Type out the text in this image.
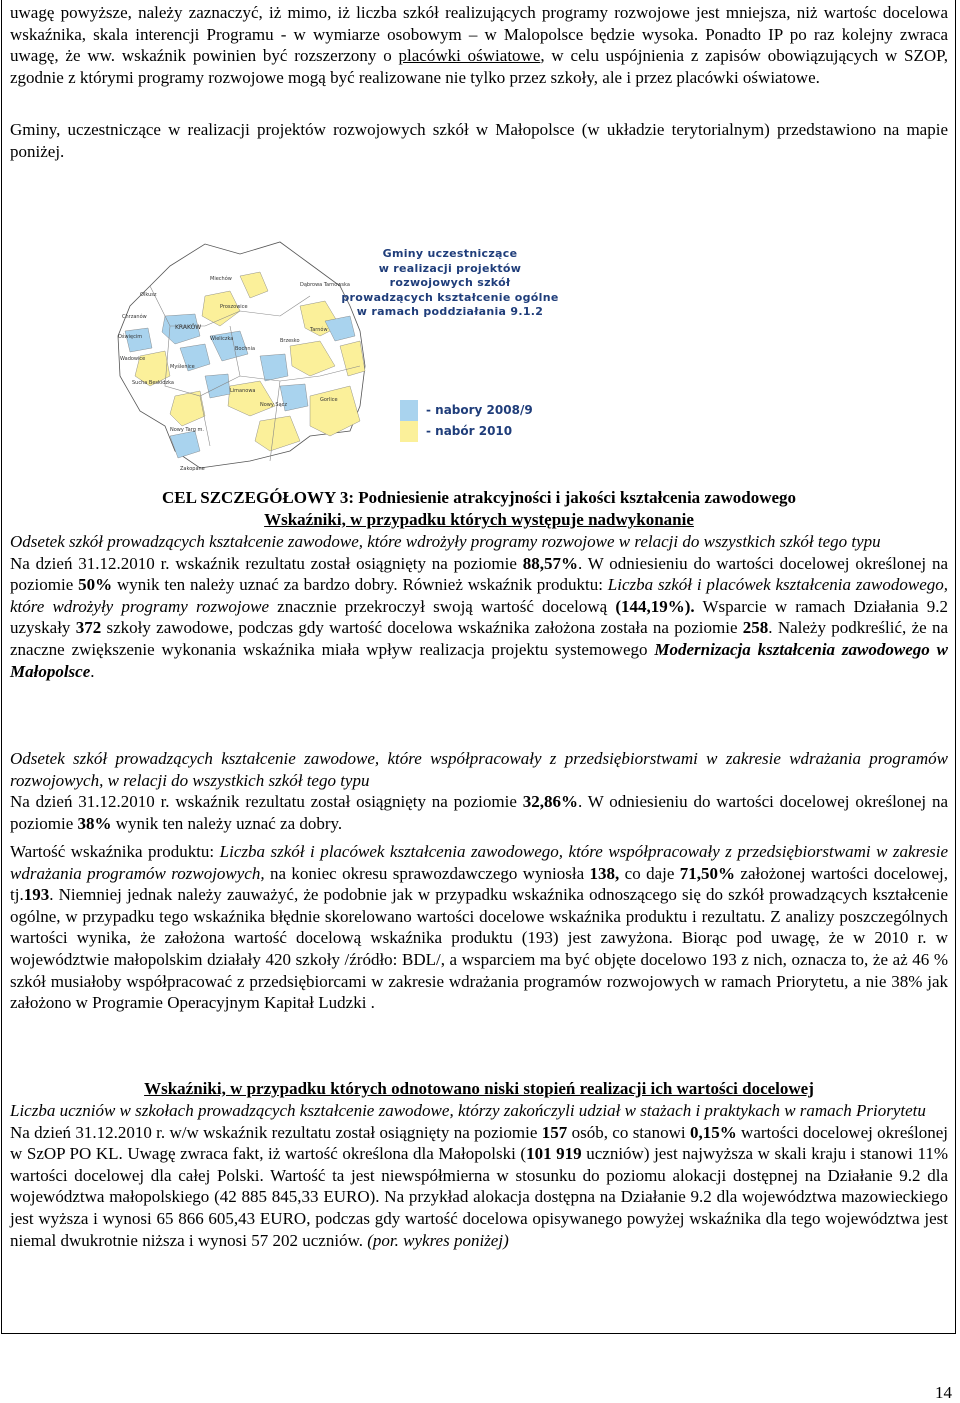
uwagę powyższe, należy zaznaczyć, iż mimo, iż liczba szkół realizujących programy rozwojowe jest mniejsza, niż wartośc docelowa wskaźnika, skala interencji Programu - w wymiarze osobowym – w Malopolsce będzie wysoka. Ponadto IP po raz kolejny zwraca uwagę, że ww. wskaźnik powinien być rozszerzony o placówki oświatowe, w celu uspójnienia z zapisów obowiązujących w SZOP, zgodnie z którymi programy rozwojowe mogą być realizowane nie tylko przez szkoły, ale i przez placówki oświatowe.

Gminy, uczestniczące w realizacji projektów rozwojowych szkół w Małopolsce (w układzie terytorialnym) przedstawiono na mapie poniżej.

Miechów
Olkusz
Chrzanów
KRAKÓW
Wadowice
Myślenice
Sucha Beskidzka
Limanowa
Nowy Sącz
Nowy Targ m.
Zakopane
Bochnia
Brzesko
Tarnów
Dąbrowa Tarnowska
Proszowice
Wieliczka
Gorlice
Oświęcim
Gminy uczestniczące
w realizacji projektów
rozwojowych szkół
prowadzących kształcenie ogólne
w ramach poddziałania 9.1.2
- nabory 2008/9
- nabór 2010

CEL SZCZEGÓŁOWY 3: Podniesienie atrakcyjności i jakości kształcenia zawodowego

Wskaźniki, w przypadku których występuje nadwykonanie

Odsetek szkół prowadzących kształcenie zawodowe, które wdrożyły programy rozwojowe w relacji do wszystkich szkół tego typu
Na dzień 31.12.2010 r. wskaźnik rezultatu został osiągnięty na poziomie 88,57%. W odniesieniu do wartości docelowej określonej na poziomie 50% wynik ten należy uznać za bardzo dobry. Również wskaźnik produktu: Liczba szkół i placówek kształcenia zawodowego, które wdrożyły programy rozwojowe znacznie przekroczył swoją wartość docelową (144,19%). Wsparcie w ramach Działania 9.2 uzyskały 372 szkoły zawodowe, podczas gdy wartość docelowa wskaźnika założona została na poziomie 258. Należy podkreślić, że na znaczne zwiększenie wykonania wskaźnika miała wpływ realizacja projektu systemowego Modernizacja kształcenia zawodowego w Małopolsce.

Odsetek szkół prowadzących kształcenie zawodowe, które współpracowały z przedsiębiorstwami w zakresie wdrażania programów rozwojowych, w relacji do wszystkich szkół tego typu
Na dzień 31.12.2010 r. wskaźnik rezultatu został osiągnięty na poziomie 32,86%. W odniesieniu do wartości docelowej określonej na poziomie 38% wynik ten należy uznać za dobry.

Wartość wskaźnika produktu: Liczba szkół i placówek kształcenia zawodowego, które współpracowały z przedsiębiorstwami w zakresie wdrażania programów rozwojowych, na koniec okresu sprawozdawczego wyniosła 138, co daje 71,50% założonej wartości docelowej, tj.193. Niemniej jednak należy zauważyć, że podobnie jak w przypadku wskaźnika odnoszącego się do szkół prowadzących kształcenie ogólne, w przypadku tego wskaźnika błędnie skorelowano wartości docelowe wskaźnika produktu i rezultatu. Z analizy poszczególnych wartości wynika, że założona wartość docelową wskaźnika produktu (193) jest zawyżona. Biorąc pod uwagę, że w 2010 r. w województwie małopolskim działały 420 szkoły /źródło: BDL/, a wsparciem ma być objęte docelowo 193 z nich, oznacza to, że aż 46 % szkół musiałoby współpracować z przedsiębiorcami w zakresie wdrażania programów rozwojowych w ramach Priorytetu, a nie 38% jak założono w Programie Operacyjnym Kapitał Ludzki .

Wskaźniki, w przypadku których odnotowano niski stopień realizacji ich wartości docelowej

Liczba uczniów w szkołach prowadzących kształcenie zawodowe, którzy zakończyli udział w stażach i praktykach w ramach Priorytetu
Na dzień 31.12.2010 r. w/w wskaźnik rezultatu został osiągnięty na poziomie 157 osób, co stanowi 0,15% wartości docelowej określonej w SzOP PO KL. Uwagę zwraca fakt, iż wartość określona dla Małopolski (101 919 uczniów) jest najwyższa w skali kraju i stanowi 11% wartości docelowej dla całej Polski. Wartość ta jest niewspółmierna w stosunku do poziomu alokacji dostępnej na Działanie 9.2 dla województwa małopolskiego (42 885 845,33 EURO). Na przykład alokacja dostępna na Działanie 9.2 dla województwa mazowieckiego jest wyższa i wynosi 65 866 605,43 EURO, podczas gdy wartość docelowa opisywanego powyżej wskaźnika dla tego województwa jest niemal dwukrotnie niższa i wynosi 57 202 uczniów. (por. wykres poniżej)

14
